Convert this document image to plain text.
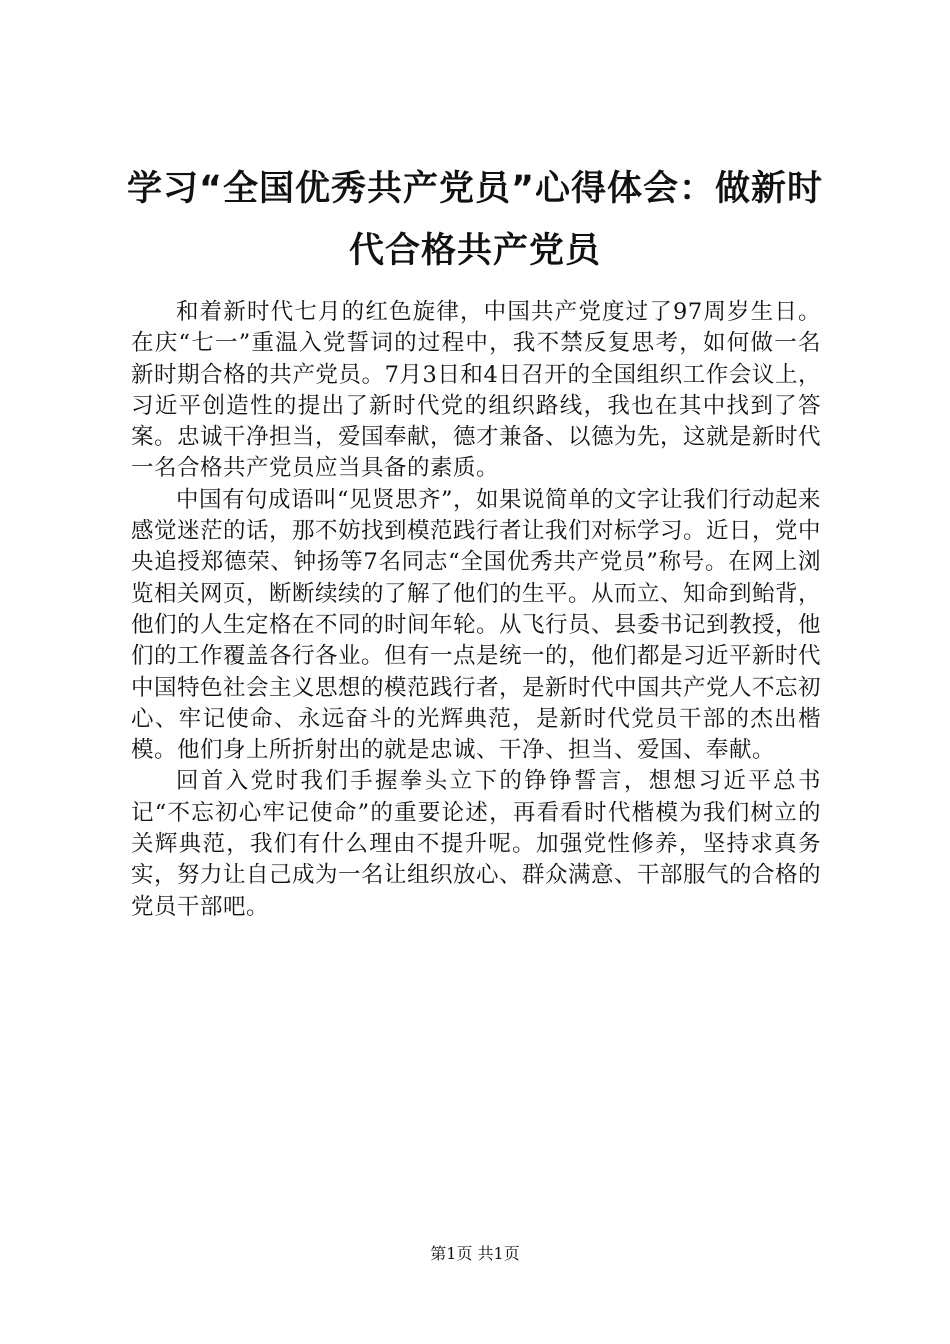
学习“全国优秀共产党员”心得体会：做新时代合格共产党员

和着新时代七月的红色旋律，中国共产党度过了97周岁生日。在庆“七一”重温入党誓词的过程中，我不禁反复思考，如何做一名新时期合格的共产党员。7月3日和4日召开的全国组织工作会议上，习近平创造性的提出了新时代党的组织路线，我也在其中找到了答案。忠诚干净担当，爱国奉献，德才兼备、以德为先，这就是新时代一名合格共产党员应当具备的素质。

中国有句成语叫“见贤思齐”，如果说简单的文字让我们行动起来感觉迷茫的话，那不妨找到模范践行者让我们对标学习。近日，党中央追授郑德荣、钟扬等7名同志“全国优秀共产党员”称号。在网上浏览相关网页，断断续续的了解了他们的生平。从而立、知命到鲐背，他们的人生定格在不同的时间年轮。从飞行员、县委书记到教授，他们的工作覆盖各行各业。但有一点是统一的，他们都是习近平新时代中国特色社会主义思想的模范践行者，是新时代中国共产党人不忘初心、牢记使命、永远奋斗的光辉典范，是新时代党员干部的杰出楷模。他们身上所折射出的就是忠诚、干净、担当、爱国、奉献。

回首入党时我们手握拳头立下的铮铮誓言，想想习近平总书记“不忘初心牢记使命”的重要论述，再看看时代楷模为我们树立的关辉典范，我们有什么理由不提升呢。加强党性修养，坚持求真务实，努力让自己成为一名让组织放心、群众满意、干部服气的合格的党员干部吧。

第1页 共1页
